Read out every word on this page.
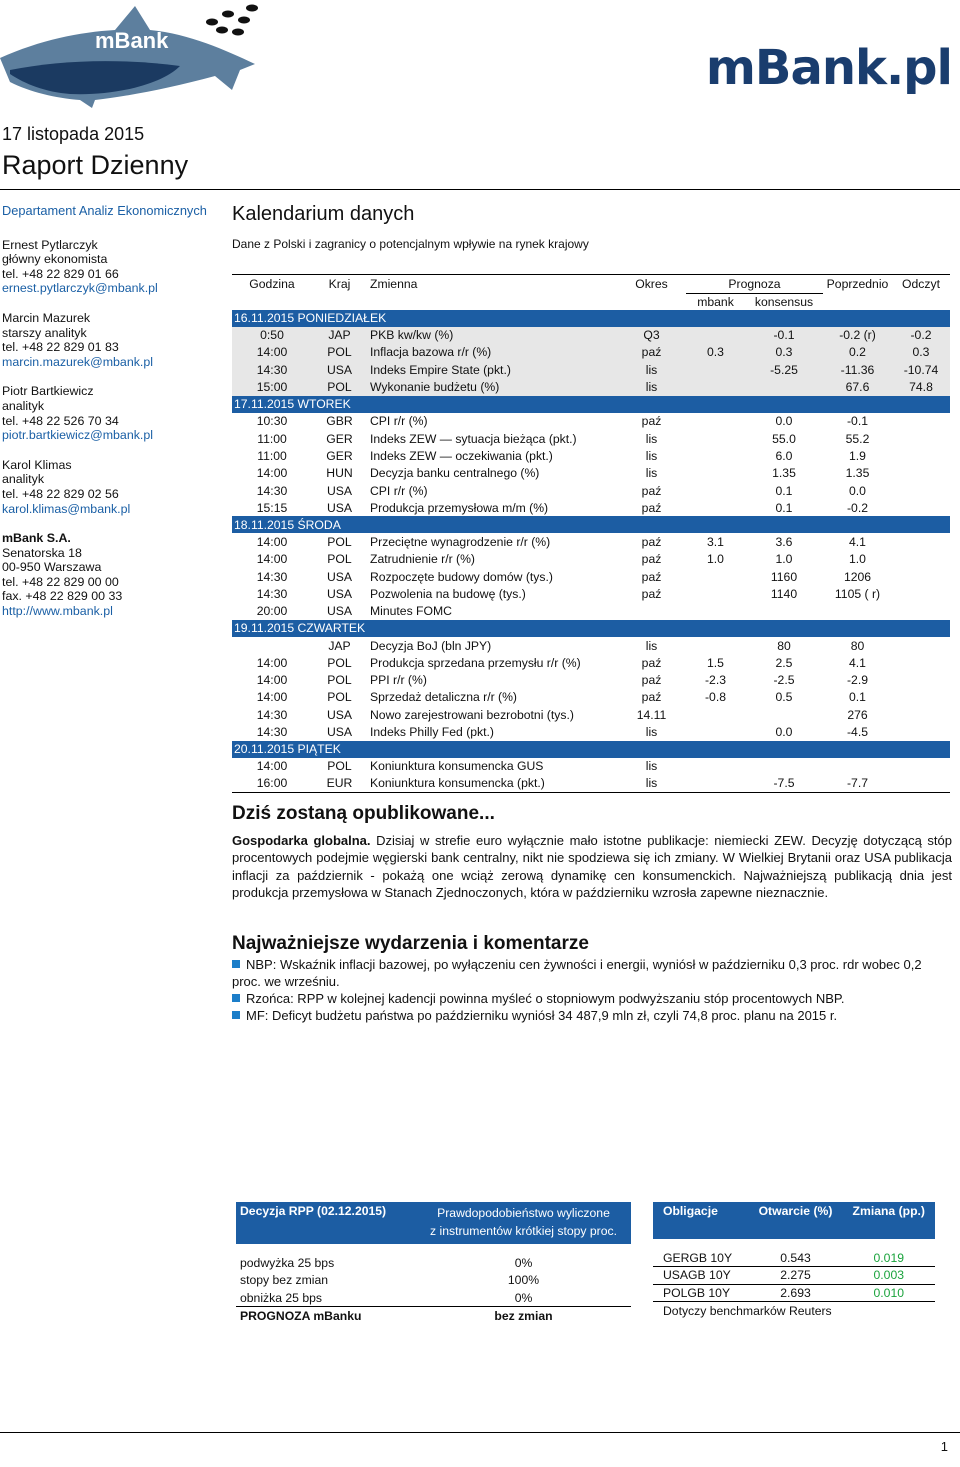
mBank	mBank.pl
17 listopada 2015
Raport Dzienny
Departament Analiz Ekonomicznych
Ernest Pytlarczyk
główny ekonomista
tel. +48 22 829 01 66
ernest.pytlarczyk@mbank.pl
Marcin Mazurek
starszy analityk
tel. +48 22 829 01 83
marcin.mazurek@mbank.pl
Piotr Bartkiewicz
analityk
tel. +48 22 526 70 34
piotr.bartkiewicz@mbank.pl
Karol Klimas
analityk
tel. +48 22 829 02 56
karol.klimas@mbank.pl
mBank S.A.
Senatorska 18
00-950 Warszawa
tel. +48 22 829 00 00
fax. +48 22 829 00 33
http://www.mbank.pl
Kalendarium danych
Dane z Polski i zagranicy o potencjalnym wpływie na rynek krajowy
Godzina	Kraj	Zmienna	Okres	Prognoza		Poprzednio	Odczyt
				mbank	konsensus		
16.11.2015 PONIEDZIAŁEK							
0:50	JAP	PKB kw/kw (%)	Q3		-0.1	-0.2 (r)	-0.2
14:00	POL	Inflacja bazowa r/r (%)	paź	0.3	0.3	0.2	0.3
14:30	USA	Indeks Empire State (pkt.)	lis		-5.25	-11.36	-10.74
15:00	POL	Wykonanie budżetu (%)	lis			67.6	74.8
17.11.2015 WTOREK							
10:30	GBR	CPI r/r (%)	paź		0.0	-0.1	
11:00	GER	Indeks ZEW — sytuacja bieżąca (pkt.)	lis		55.0	55.2	
11:00	GER	Indeks ZEW — oczekiwania (pkt.)	lis		6.0	1.9	
14:00	HUN	Decyzja banku centralnego (%)	lis		1.35	1.35	
14:30	USA	CPI r/r (%)	paź		0.1	0.0	
15:15	USA	Produkcja przemysłowa m/m (%)	paź		0.1	-0.2	
18.11.2015 ŚRODA							
14:00	POL	Przeciętne wynagrodzenie r/r (%)	paź	3.1	3.6	4.1	
14:00	POL	Zatrudnienie r/r (%)	paź	1.0	1.0	1.0	
14:30	USA	Rozpoczęte budowy domów (tys.)	paź		1160	1206	
14:30	USA	Pozwolenia na budowę (tys.)	paź		1140	1105 ( r)	
20:00	USA	Minutes FOMC					
19.11.2015 CZWARTEK							
	JAP	Decyzja BoJ (bln JPY)	lis		80	80	
14:00	POL	Produkcja sprzedana przemysłu r/r (%)	paź	1.5	2.5	4.1	
14:00	POL	PPI r/r (%)	paź	-2.3	-2.5	-2.9	
14:00	POL	Sprzedaż detaliczna r/r (%)	paź	-0.8	0.5	0.1	
14:30	USA	Nowo zarejestrowani bezrobotni (tys.)	14.11			276	
14:30	USA	Indeks Philly Fed (pkt.)	lis		0.0	-4.5	
20.11.2015 PIĄTEK							
14:00	POL	Koniunktura konsumencka GUS	lis				
16:00	EUR	Koniunktura konsumencka (pkt.)	lis		-7.5	-7.7	
Dziś zostaną opublikowane...
Gospodarka globalna. Dzisiaj w strefie euro wyłącznie mało istotne publikacje: niemiecki ZEW. Decyzję dotyczącą stóp procentowych podejmie węgierski bank centralny, nikt nie spodziewa się ich zmiany. W Wielkiej Brytanii oraz USA publikacja inflacji za październik - pokażą one wciąż zerową dynamikę cen konsumenckich. Najważniejszą publikacją dnia jest produkcja przemysłowa w Stanach Zjednoczonych, która w październiku wzrosła zapewne nieznacznie.
Najważniejsze wydarzenia i komentarze
NBP: Wskaźnik inflacji bazowej, po wyłączeniu cen żywności i energii, wyniósł w październiku 0,3 proc. rdr wobec 0,2 proc. we wrześniu.
Rzońca: RPP w kolejnej kadencji powinna myśleć o stopniowym podwyższaniu stóp procentowych NBP.
MF: Deficyt budżetu państwa po październiku wyniósł 34 487,9 mln zł, czyli 74,8 proc. planu na 2015 r.
Decyzja RPP (02.12.2015)	Prawdopodobieństwo wyliczone
z instrumentów krótkiej stopy proc.

podwyżka 25 bps	0%
stopy bez zmian	100%
obniżka 25 bps	0%
PROGNOZA mBanku	bez zmian
Obligacje	Otwarcie (%)	Zmiana (pp.)

GERGB 10Y	0.543	0.019
USAGB 10Y	2.275	0.003
POLGB 10Y	2.693	0.010
Dotyczy benchmarków Reuters		
1
